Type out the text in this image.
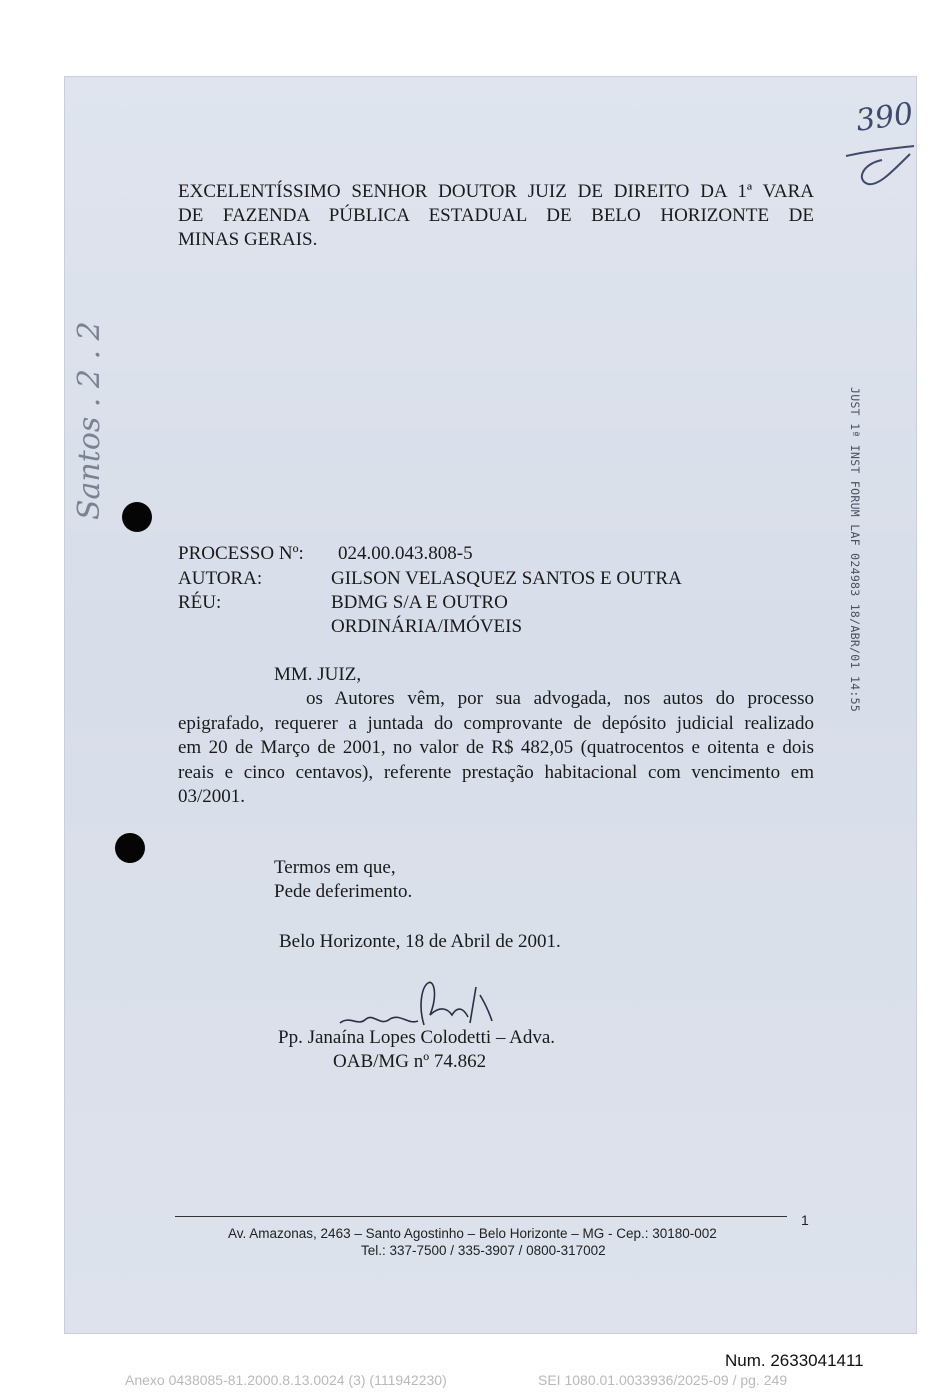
390
Santos . 2 . 2
EXCELENTÍSSIMO SENHOR DOUTOR JUIZ DE DIREITO DA 1ª VARA
DE FAZENDA PÚBLICA ESTADUAL DE BELO HORIZONTE DE
MINAS GERAIS.
JUST 1ª INST FORUM LAF 024983 18/ABR/01 14:55
PROCESSO Nº: 024.00.043.808-5
AUTORA:	GILSON VELASQUEZ SANTOS E OUTRA
RÉU:	BDMG S/A E OUTRO
ORDINÁRIA/IMÓVEIS
MM. JUIZ,
os Autores vêm, por sua advogada, nos autos do processo
epigrafado, requerer a juntada do comprovante de depósito judicial realizado
em 20 de Março de 2001, no valor de R$ 482,05 (quatrocentos e oitenta e dois
reais e cinco centavos), referente prestação habitacional com vencimento em
03/2001.
Termos em que,
Pede deferimento.
Belo Horizonte, 18 de Abril de 2001.
Pp. Janaína Lopes Colodetti – Adva.
OAB/MG nº 74.862
1
Av. Amazonas, 2463 – Santo Agostinho – Belo Horizonte – MG - Cep.: 30180-002
Tel.: 337-7500 / 335-3907 / 0800-317002
Num. 2633041411
Anexo 0438085-81.2000.8.13.0024 (3) (111942230)	SEI 1080.01.0033936/2025-09 / pg. 249
